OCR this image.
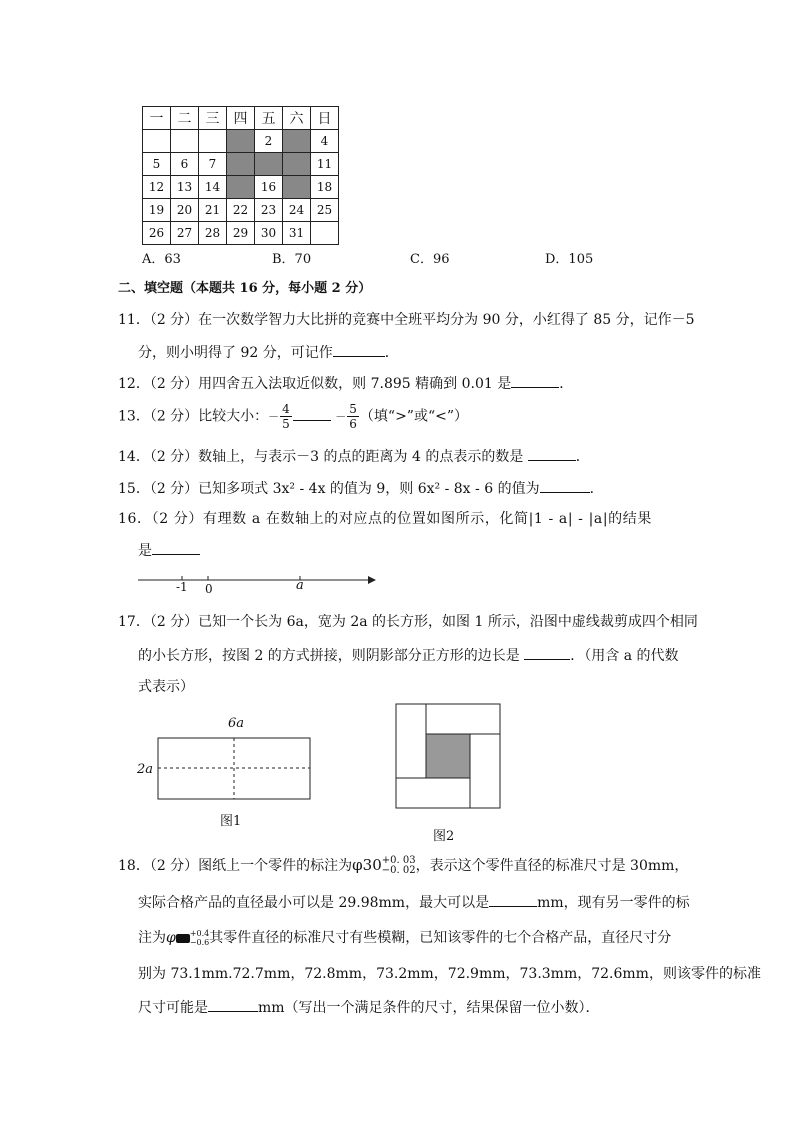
一	二	三	四	五	六	日
				2		4
5	6	7				11
12	13	14		16		18
19	20	21	22	23	24	25
26	27	28	29	30	31	
A．63	B．70	C．96	D．105
二、填空题（本题共 16 分，每小题 2 分）
11．（2 分）在一次数学智力大比拼的竞赛中全班平均分为 90 分，小红得了 85 分，记作－5
分，则小明得了 92 分，可记作	．
12．（2 分）用四舍五入法取近似数，则 7.895 精确到 0.01 是	．
13．（2 分）比较大小：－ $\frac{4}{5}$	－ $\frac{5}{6}$ （填“>”或“<”）
14．（2 分）数轴上，与表示－3 的点的距离为 4 的点表示的数是	．
15．（2 分）已知多项式 3x² - 4x 的值为 9，则 6x² - 8x - 6 的值为	．
16．（2 分）有理数 a 在数轴上的对应点的位置如图所示，化简|1 - a| - |a|的结果
是
-1 0	a
17．（2 分）已知一个长为 6a，宽为 2a 的长方形，如图 1 所示，沿图中虚线裁剪成四个相同
的小长方形，按图 2 的方式拼接，则阴影部分正方形的边长是	．（用含 a 的代数
式表示）
6a
2a
图1
图2
18．（2 分）图纸上一个零件的标注为φ30 +0. 03
−0. 02 ，表示这个零件直径的标准尺寸是 30mm，
实际合格产品的直径最小可以是 29.98mm，最大可以是	mm，现有另一零件的标
注为φ +0.4
−0.6 其零件直径的标准尺寸有些模糊，已知该零件的七个合格产品，直径尺寸分
别为 73.1mm.72.7mm，72.8mm，73.2mm，72.9mm，73.3mm，72.6mm，则该零件的标准
尺寸可能是	mm（写出一个满足条件的尺寸，结果保留一位小数）．
